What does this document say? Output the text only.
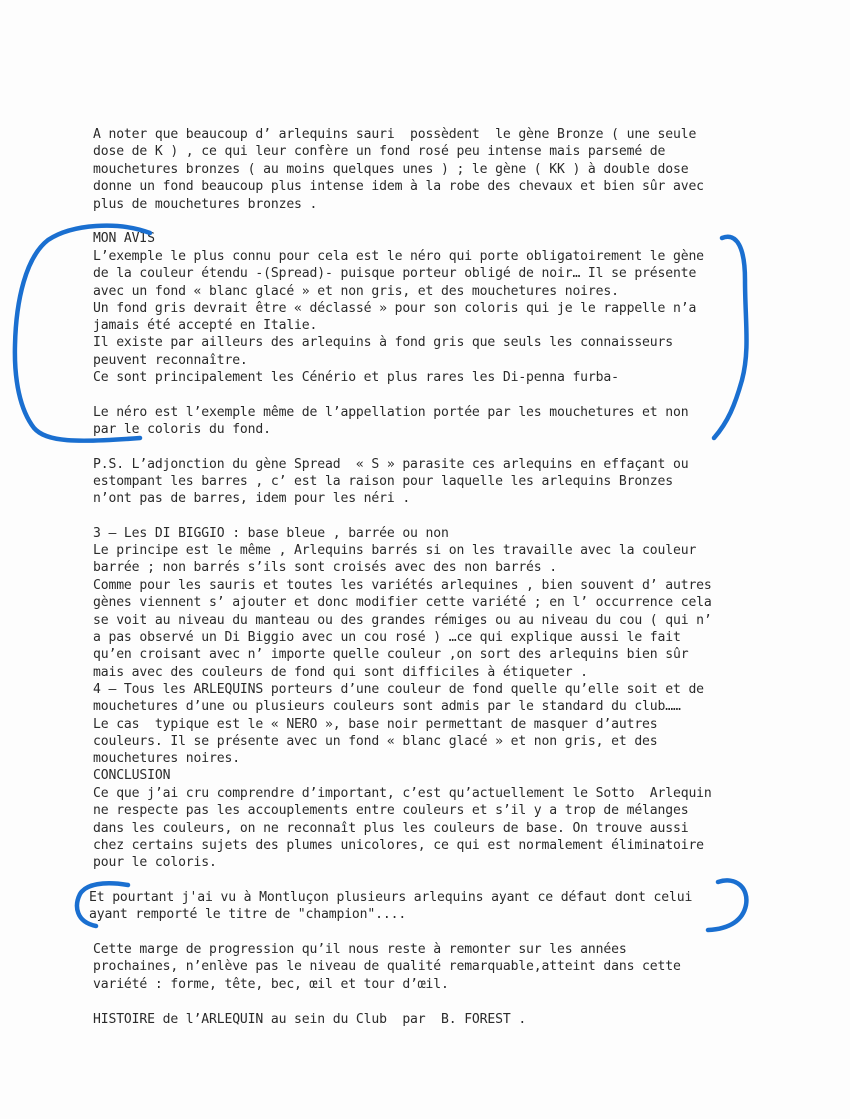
A noter que beaucoup d’ arlequins sauri  possèdent  le gène Bronze ( une seule
dose de K ) , ce qui leur confère un fond rosé peu intense mais parsemé de
mouchetures bronzes ( au moins quelques unes ) ; le gène ( KK ) à double dose
donne un fond beaucoup plus intense idem à la robe des chevaux et bien sûr avec
plus de mouchetures bronzes .
MON AVIS
L’exemple le plus connu pour cela est le néro qui porte obligatoirement le gène
de la couleur étendu -(Spread)- puisque porteur obligé de noir… Il se présente
avec un fond « blanc glacé » et non gris, et des mouchetures noires.
Un fond gris devrait être « déclassé » pour son coloris qui je le rappelle n’a
jamais été accepté en Italie.
Il existe par ailleurs des arlequins à fond gris que seuls les connaisseurs
peuvent reconnaître.
Ce sont principalement les Cénério et plus rares les Di-penna furba-
Le néro est l’exemple même de l’appellation portée par les mouchetures et non
par le coloris du fond.
P.S. L’adjonction du gène Spread  « S » parasite ces arlequins en effaçant ou
estompant les barres , c’ est la raison pour laquelle les arlequins Bronzes
n’ont pas de barres, idem pour les néri .
3 – Les DI BIGGIO : base bleue , barrée ou non
Le principe est le même , Arlequins barrés si on les travaille avec la couleur
barrée ; non barrés s’ils sont croisés avec des non barrés .
Comme pour les sauris et toutes les variétés arlequines , bien souvent d’ autres
gènes viennent s’ ajouter et donc modifier cette variété ; en l’ occurrence cela
se voit au niveau du manteau ou des grandes rémiges ou au niveau du cou ( qui n’
a pas observé un Di Biggio avec un cou rosé ) …ce qui explique aussi le fait
qu’en croisant avec n’ importe quelle couleur ,on sort des arlequins bien sûr
mais avec des couleurs de fond qui sont difficiles à étiqueter .
4 – Tous les ARLEQUINS porteurs d’une couleur de fond quelle qu’elle soit et de
mouchetures d’une ou plusieurs couleurs sont admis par le standard du club……
Le cas  typique est le « NERO », base noir permettant de masquer d’autres
couleurs. Il se présente avec un fond « blanc glacé » et non gris, et des
mouchetures noires.
CONCLUSION
Ce que j’ai cru comprendre d’important, c’est qu’actuellement le Sotto  Arlequin
ne respecte pas les accouplements entre couleurs et s’il y a trop de mélanges
dans les couleurs, on ne reconnaît plus les couleurs de base. On trouve aussi
chez certains sujets des plumes unicolores, ce qui est normalement éliminatoire
pour le coloris.
Et pourtant j'ai vu à Montluçon plusieurs arlequins ayant ce défaut dont celui
ayant remporté le titre de "champion"....
Cette marge de progression qu’il nous reste à remonter sur les années
prochaines, n’enlève pas le niveau de qualité remarquable,atteint dans cette
variété : forme, tête, bec, œil et tour d’œil.
HISTOIRE de l’ARLEQUIN au sein du Club  par  B. FOREST .
